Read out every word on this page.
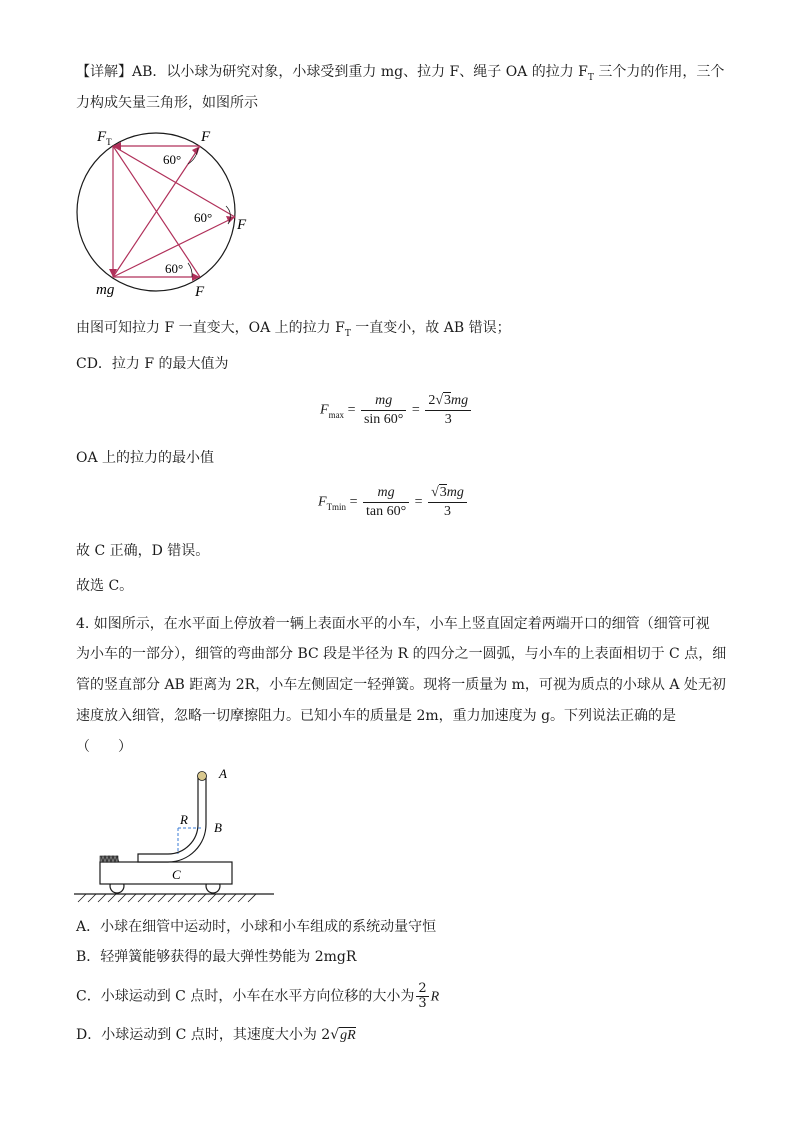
【详解】AB．以小球为研究对象，小球受到重力 mg、拉力 F、绳子 OA 的拉力 $F_T$ 三个力的作用，三个
力构成矢量三角形，如图所示
$F_T$	F
60°
60° F
60°
mg	F
由图可知拉力 F 一直变大，OA 上的拉力 $F_T$ 一直变小，故 AB 错误；
CD．拉力 F 的最大值为
$F_{max} = \frac{mg}{\sin 60^\circ} = \frac{2√3mg}{3}$
OA 上的拉力的最小值
$F_{Tmin} = \frac{mg}{\tan 60^\circ} = \frac{√3mg}{3}$
故 C 正确，D 错误。
故选 C。
4. 如图所示，在水平面上停放着一辆上表面水平的小车，小车上竖直固定着两端开口的细管（细管可视
为小车的一部分），细管的弯曲部分 BC 段是半径为 R 的四分之一圆弧，与小车的上表面相切于 C 点，细
管的竖直部分 AB 距离为 2R，小车左侧固定一轻弹簧。现将一质量为 m，可视为质点的小球从 A 处无初
速度放入细管，忽略一切摩擦阻力。已知小车的质量是 2m，重力加速度为 g。下列说法正确的是
（　　）
A
B
R
C
A．小球在细管中运动时，小球和小车组成的系统动量守恒
B．轻弹簧能够获得的最大弹性势能为 2mgR
C．小球运动到 C 点时，小车在水平方向位移的大小为 $\frac{2}{3}$ R
D．小球运动到 C 点时，其速度大小为 2√gR
